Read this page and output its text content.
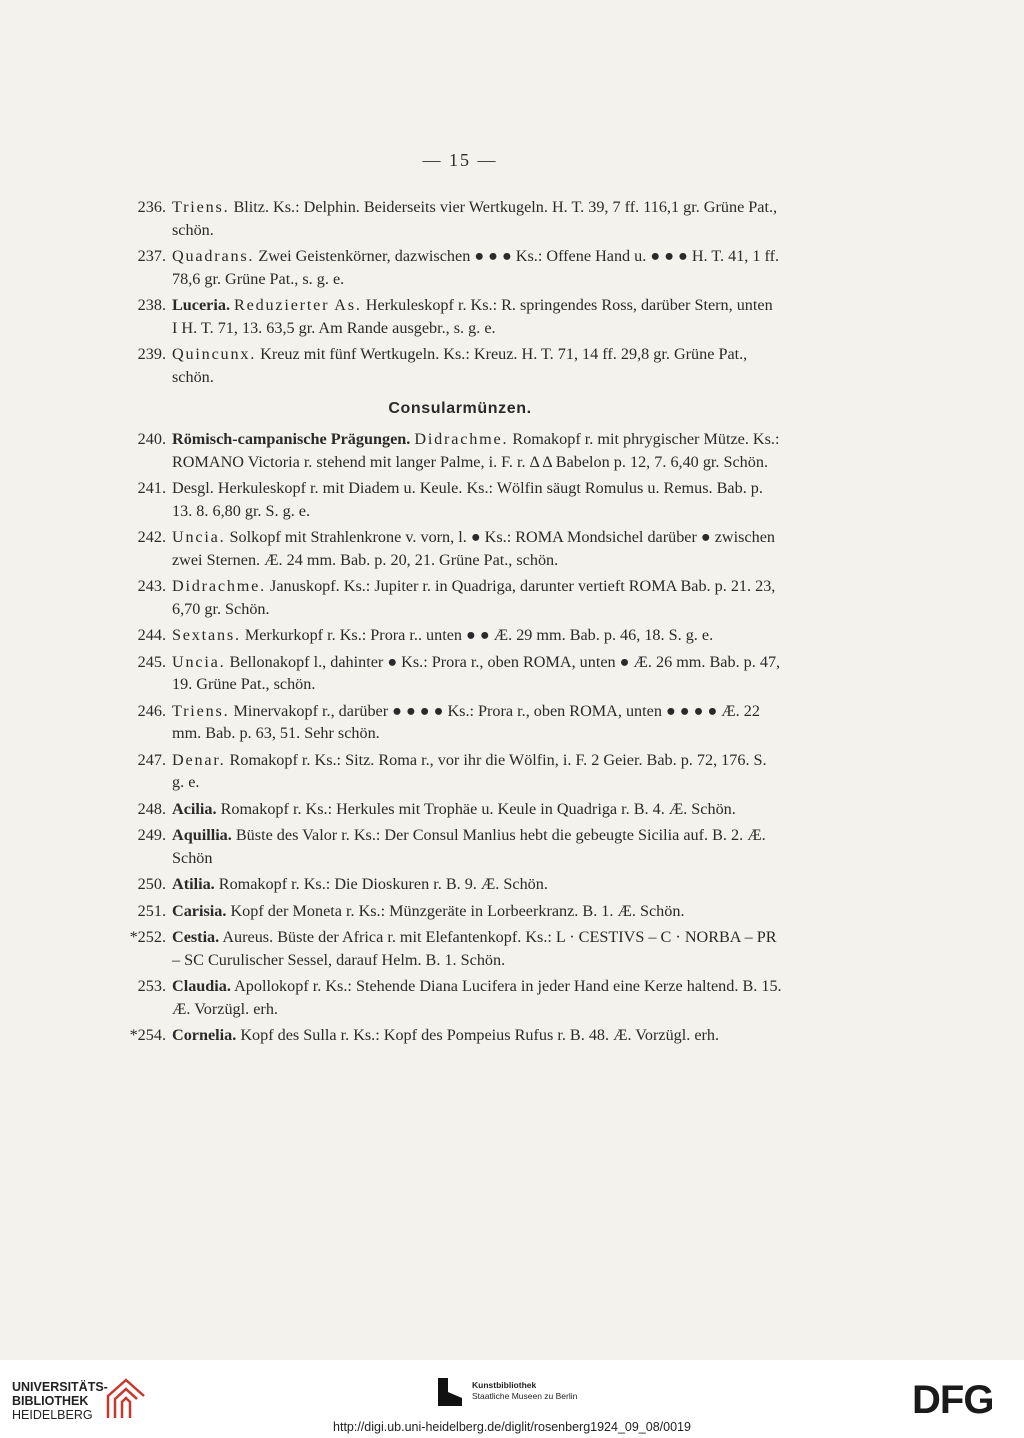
— 15 —
236. Triens. Blitz. Ks.: Delphin. Beiderseits vier Wertkugeln. H. T. 39, 7 ff. 116,1 gr. Grüne Pat., schön.
237. Quadrans. Zwei Geistenkörner, dazwischen ● ● ● Ks.: Offene Hand u. ● ● ● H. T. 41, 1 ff. 78,6 gr. Grüne Pat., s. g. e.
238. Luceria. Reduzierter As. Herkuleskopf r. Ks.: R. springendes Ross, darüber Stern, unten I H. T. 71, 13. 63,5 gr. Am Rande ausgebr., s. g. e.
239. Quincunx. Kreuz mit fünf Wertkugeln. Ks.: Kreuz. H. T. 71, 14 ff. 29,8 gr. Grüne Pat., schön.
Consularmünzen.
240. Römisch-campanische Prägungen. Didrachme. Romakopf r. mit phrygischer Mütze. Ks.: ROMANO Victoria r. stehend mit langer Palme, i. F. r. Δ Δ Babelon p. 12, 7. 6,40 gr. Schön.
241. Desgl. Herkuleskopf r. mit Diadem u. Keule. Ks.: Wölfin säugt Romulus u. Remus. Bab. p. 13. 8. 6,80 gr. S. g. e.
242. Uncia. Solkopf mit Strahlenkrone v. vorn, l. ● Ks.: ROMA Mondsichel darüber ● zwischen zwei Sternen. Æ. 24 mm. Bab. p. 20, 21. Grüne Pat., schön.
243. Didrachme. Januskopf. Ks.: Jupiter r. in Quadriga, darunter vertieft ROMA Bab. p. 21. 23, 6,70 gr. Schön.
244. Sextans. Merkurkopf r. Ks.: Prora r.. unten ● ● Æ. 29 mm. Bab. p. 46, 18. S. g. e.
245. Uncia. Bellonakopf l., dahinter ● Ks.: Prora r., oben ROMA, unten ● Æ. 26 mm. Bab. p. 47, 19. Grüne Pat., schön.
246. Triens. Minervakopf r., darüber ● ● ● ● Ks.: Prora r., oben ROMA, unten ● ● ● ● Æ. 22 mm. Bab. p. 63, 51. Sehr schön.
247. Denar. Romakopf r. Ks.: Sitz. Roma r., vor ihr die Wölfin, i. F. 2 Geier. Bab. p. 72, 176. S. g. e.
248. Acilia. Romakopf r. Ks.: Herkules mit Trophäe u. Keule in Quadriga r. B. 4. Æ. Schön.
249. Aquillia. Büste des Valor r. Ks.: Der Consul Manlius hebt die gebeugte Sicilia auf. B. 2. Æ. Schön
250. Atilia. Romakopf r. Ks.: Die Dioskuren r. B. 9. Æ. Schön.
251. Carisia. Kopf der Moneta r. Ks.: Münzgeräte in Lorbeerkranz. B. 1. Æ. Schön.
*252. Cestia. Aureus. Büste der Africa r. mit Elefantenkopf. Ks.: L · CESTIVS – C · NORBA – PR – SC Curulischer Sessel, darauf Helm. B. 1. Schön.
253. Claudia. Apollokopf r. Ks.: Stehende Diana Lucifera in jeder Hand eine Kerze haltend. B. 15. Æ. Vorzügl. erh.
*254. Cornelia. Kopf des Sulla r. Ks.: Kopf des Pompeius Rufus r. B. 48. Æ. Vorzügl. erh.
UNIVERSITÄTS-
BIBLIOTHEK
HEIDELBERG
Kunstbibliothek
Staatliche Museen zu Berlin	DFG
http://digi.ub.uni-heidelberg.de/diglit/rosenberg1924_09_08/0019
